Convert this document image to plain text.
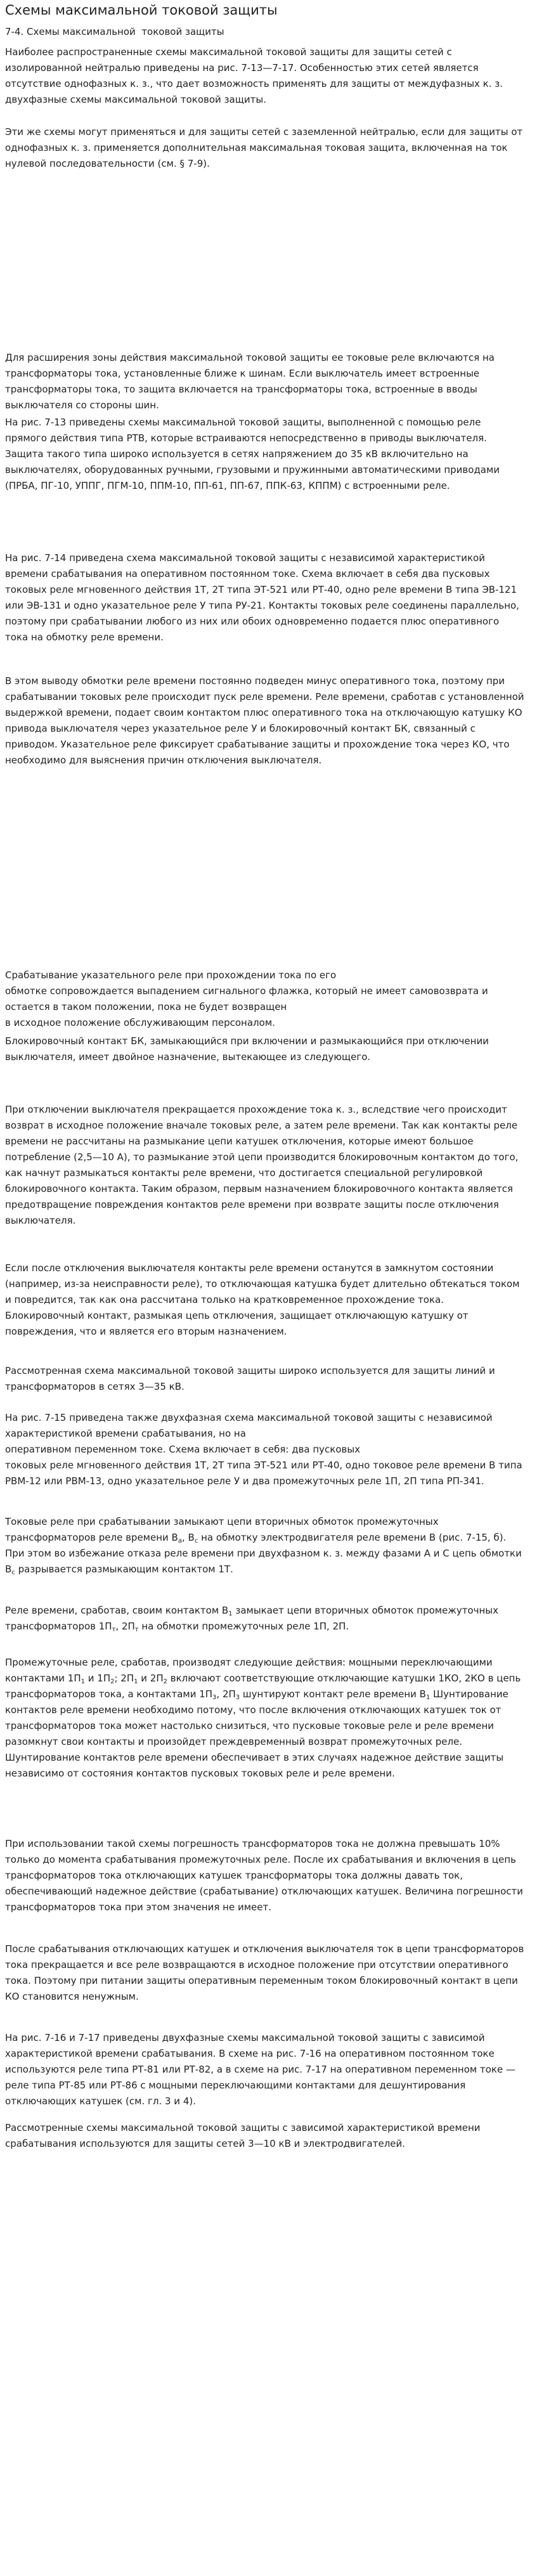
Схемы максимальной токовой защиты
7-4. Схемы максимальной  токовой защиты

Наиболее распространенные схемы максимальной токовой защиты для защиты сетей с изолированной нейтралью приведены на рис. 7-13—7-17. Особенностью этих сетей является отсутствие однофазных к. з., что дает возможность применять для защиты от междуфазных к. з. двухфазные схемы максимальной токовой защиты.

Эти же схемы могут применяться и для защиты сетей с заземленной нейтралью, если для защиты от однофазных к. з. применяется дополнительная максимальная токовая защита, включенная на ток нулевой последовательности (см. § 7-9).

Для расширения зоны действия максимальной токовой защиты ее токовые реле включаются на трансформаторы тока, установленные ближе к шинам. Если выключатель имеет встроенные трансформаторы тока, то защита включается на трансформаторы тока, встроенные в вводы выключателя со стороны шин.

На рис. 7-13 приведены схемы максимальной токовой защиты, выполненной с помощью реле прямого действия типа РТВ, которые встраиваются непосредственно в приводы выключателя. Защита такого типа широко используется в сетях напряжением до 35 кВ включительно на выключателях, оборудованных ручными, грузовыми и пружинными автоматическими приводами (ПРБА, ПГ-10, УППГ, ПГМ-10, ППМ-10, ПП-61, ПП-67, ППК-63, КППМ) с встроенными реле.

На рис. 7-14 приведена схема максимальной токовой защиты с независимой характеристикой времени срабатывания на оперативном постоянном токе. Схема включает в себя два пусковых токовых реле мгновенного действия 1Т, 2Т типа ЭТ-521 или РТ-40, одно реле времени В типа ЭВ-121 или ЭВ-131 и одно указательное реле У типа РУ-21. Контакты токовых реле соединены параллельно, поэтому при срабатывании любого из них или обоих одновременно подается плюс оперативного тока на обмотку реле времени.

В этом выводу обмотки реле времени постоянно подведен минус оперативного тока, поэтому при срабатывании токовых реле происходит пуск реле времени. Реле времени, сработав с установленной выдержкой времени, подает своим контактом плюс оперативного тока на отключающую катушку КО привода выключателя через указательное реле У и блокировочный контакт БК, связанный с приводом. Указательное реле фиксирует срабатывание защиты и прохождение тока через КО, что необходимо для выяснения причин отключения выключателя.

Срабатывание указательного реле при прохождении тока по его
обмотке сопровождается выпадением сигнального флажка, который не имеет самовозврата и остается в таком положении, пока не будет возвращен
в исходное положение обслуживающим персоналом.

Блокировочный контакт БК, замыкающийся при включении и размыкающийся при отключении выключателя, имеет двойное назначение, вытекающее из следующего.

При отключении выключателя прекращается прохождение тока к. з., вследствие чего происходит возврат в исходное положение вначале токовых реле, а затем реле времени. Так как контакты реле времени не рассчитаны на размыкание цепи катушек отключения, которые имеют большое потребление (2,5—10 А), то размыкание этой цепи производится блокировочным контактом до того, как начнут размыкаться контакты реле времени, что достигается специальной регулировкой блокировочного контакта. Таким образом, первым назначением блокировочного контакта является предотвращение повреждения контактов реле времени при возврате защиты после отключения выключателя.

Если после отключения выключателя контакты реле времени останутся в замкнутом состоянии (например, из-за неисправности реле), то отключающая катушка будет длительно обтекаться током и повредится, так как она рассчитана только на кратковременное прохождение тока. Блокировочный контакт, размыкая цепь отключения, защищает отключающую катушку от повреждения, что и является его вторым назначением.

Рассмотренная схема максимальной токовой защиты широко используется для защиты линий и трансформаторов в сетях 3—35 кВ.

На рис. 7-15 приведена также двухфазная схема максимальной токовой защиты с независимой характеристикой времени срабатывания, но на
оперативном переменном токе. Схема включает в себя: два пусковых
токовых реле мгновенного действия 1Т, 2Т типа ЭТ-521 или РТ-40, одно токовое реле времени В типа РВМ-12 или РВМ-13, одно указательное реле У и два промежуточных реле 1П, 2П типа РП-341.

Токовые реле при срабатывании замыкают цепи вторичных обмоток промежуточных трансформаторов реле времени $В_а$, $В_с$ на обмотку электродвигателя реле времени В (рис. 7-15, б). При этом во избежание отказа реле времени при двухфазном к. з. между фазами А и С цепь обмотки
$В_с$ разрывается размыкающим контактом 1Т.

Реле времени, сработав, своим контактом $В_1$ замыкает цепи вторичных обмоток промежуточных трансформаторов $1П_т$, $2П_т$ на обмотки промежуточных реле 1П, 2П.

Промежуточные реле, сработав, производят следующие действия: мощными переключающими контактами $1П_1$ и $1П_2$; $2П_1$ и $2П_2$ включают соответствующие отключающие катушки 1КО, 2КО в цепь трансформаторов тока, а контактами $1П_3$, $2П_3$ шунтируют контакт реле времени $В_1$ Шунтирование контактов реле времени необходимо потому, что после включения отключающих катушек ток от трансформаторов тока может настолько снизиться, что пусковые токовые реле и реле времени разомкнут свои контакты и произойдет преждевременный возврат промежуточных реле. Шунтирование контактов реле времени обеспечивает в этих случаях надежное действие защиты независимо от состояния контактов пусковых токовых реле и реле времени.

При использовании такой схемы погрешность трансформаторов тока не должна превышать 10% только до момента срабатывания промежуточных реле. После их срабатывания и включения в цепь трансформаторов тока отключающих катушек трансформаторы тока должны давать ток, обеспечивающий надежное действие (срабатывание) отключающих катушек. Величина погрешности трансформаторов тока при этом значения не имеет.

После срабатывания отключающих катушек и отключения выключателя ток в цепи трансформаторов тока прекращается и все реле возвращаются в исходное положение при отсутствии оперативного тока. Поэтому при питании защиты оперативным переменным током блокировочный контакт в цепи КО становится ненужным.

На рис. 7-16 и 7-17 приведены двухфазные схемы максимальной токовой защиты с зависимой характеристикой времени срабатывания. В схеме на рис. 7-16 на оперативном постоянном токе используются реле типа РТ-81 или РТ-82, а в схеме на рис. 7-17 на оперативном переменном токе — реле типа РТ-85 или РТ-86 с мощными переключающими контактами для дешунтирования отключающих катушек (см. гл. 3 и 4).

Рассмотренные схемы максимальной токовой защиты с зависимой характеристикой времени срабатывания используются для защиты сетей 3—10 кВ и электродвигателей.
